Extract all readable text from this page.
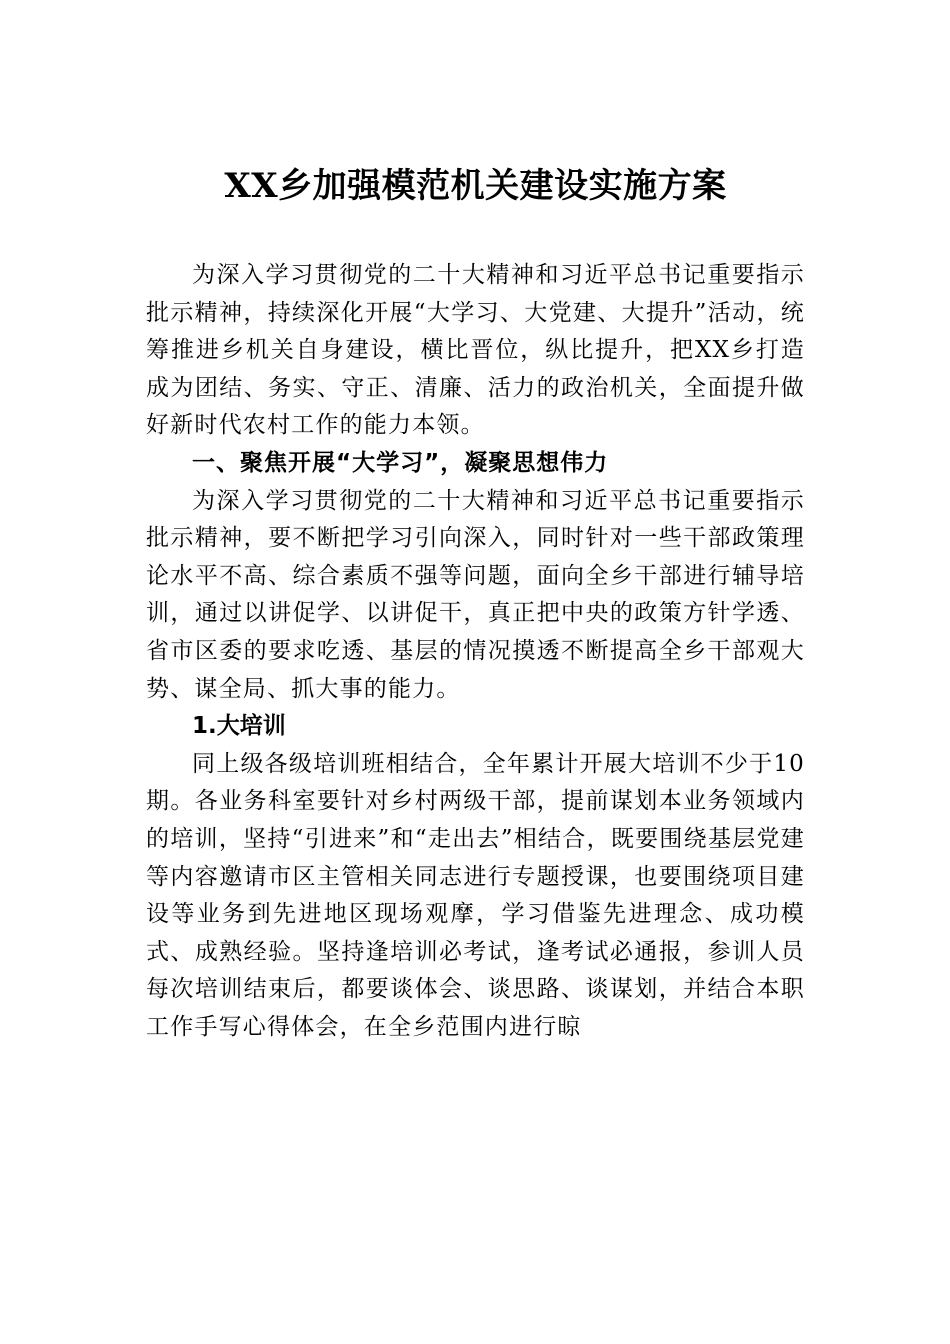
XX乡加强模范机关建设实施方案

为深入学习贯彻党的二十大精神和习近平总书记重要指示批示精神，持续深化开展“大学习、大党建、大提升”活动，统筹推进乡机关自身建设，横比晋位，纵比提升，把XX乡打造成为团结、务实、守正、清廉、活力的政治机关，全面提升做好新时代农村工作的能力本领。

一、聚焦开展“大学习”，凝聚思想伟力

为深入学习贯彻党的二十大精神和习近平总书记重要指示批示精神，要不断把学习引向深入，同时针对一些干部政策理论水平不高、综合素质不强等问题，面向全乡干部进行辅导培训，通过以讲促学、以讲促干，真正把中央的政策方针学透、省市区委的要求吃透、基层的情况摸透不断提高全乡干部观大势、谋全局、抓大事的能力。

1.大培训

同上级各级培训班相结合，全年累计开展大培训不少于10期。各业务科室要针对乡村两级干部，提前谋划本业务领域内的培训，坚持“引进来”和“走出去”相结合，既要围绕基层党建等内容邀请市区主管相关同志进行专题授课，也要围绕项目建设等业务到先进地区现场观摩，学习借鉴先进理念、成功模式、成熟经验。坚持逢培训必考试，逢考试必通报，参训人员每次培训结束后，都要谈体会、谈思路、谈谋划，并结合本职工作手写心得体会，在全乡范围内进行晾
